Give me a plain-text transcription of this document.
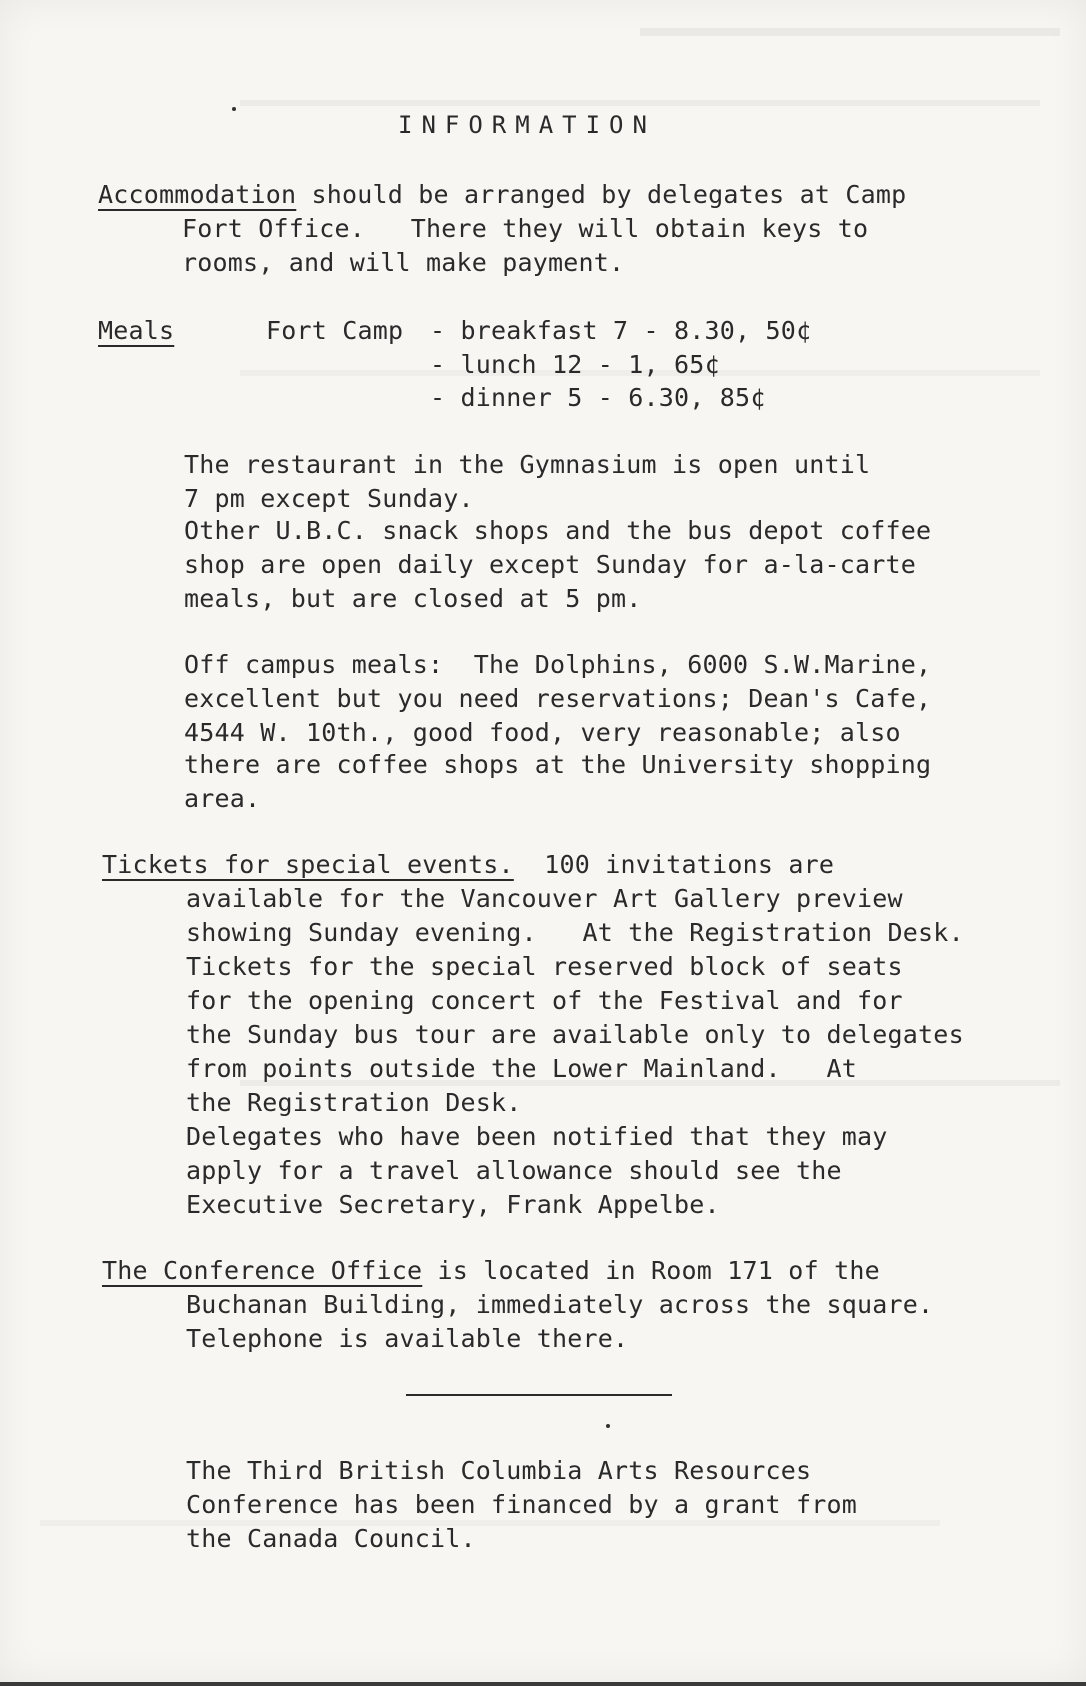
INFORMATION
Accommodation should be arranged by delegates at Camp
Fort Office.   There they will obtain keys to
rooms, and will make payment.
Meals	Fort Camp - breakfast 7 - 8.30, 50¢
- lunch 12 - 1, 65¢
- dinner 5 - 6.30, 85¢
The restaurant in the Gymnasium is open until
7 pm except Sunday.
Other U.B.C. snack shops and the bus depot coffee
shop are open daily except Sunday for a-la-carte
meals, but are closed at 5 pm.
Off campus meals:  The Dolphins, 6000 S.W.Marine,
excellent but you need reservations; Dean's Cafe,
4544 W. 10th., good food, very reasonable; also
there are coffee shops at the University shopping
area.
Tickets for special events.  100 invitations are
available for the Vancouver Art Gallery preview
showing Sunday evening.   At the Registration Desk.
Tickets for the special reserved block of seats
for the opening concert of the Festival and for
the Sunday bus tour are available only to delegates
from points outside the Lower Mainland.   At
the Registration Desk.
Delegates who have been notified that they may
apply for a travel allowance should see the
Executive Secretary, Frank Appelbe.
The Conference Office is located in Room 171 of the
Buchanan Building, immediately across the square.
Telephone is available there.
The Third British Columbia Arts Resources
Conference has been financed by a grant from
the Canada Council.
